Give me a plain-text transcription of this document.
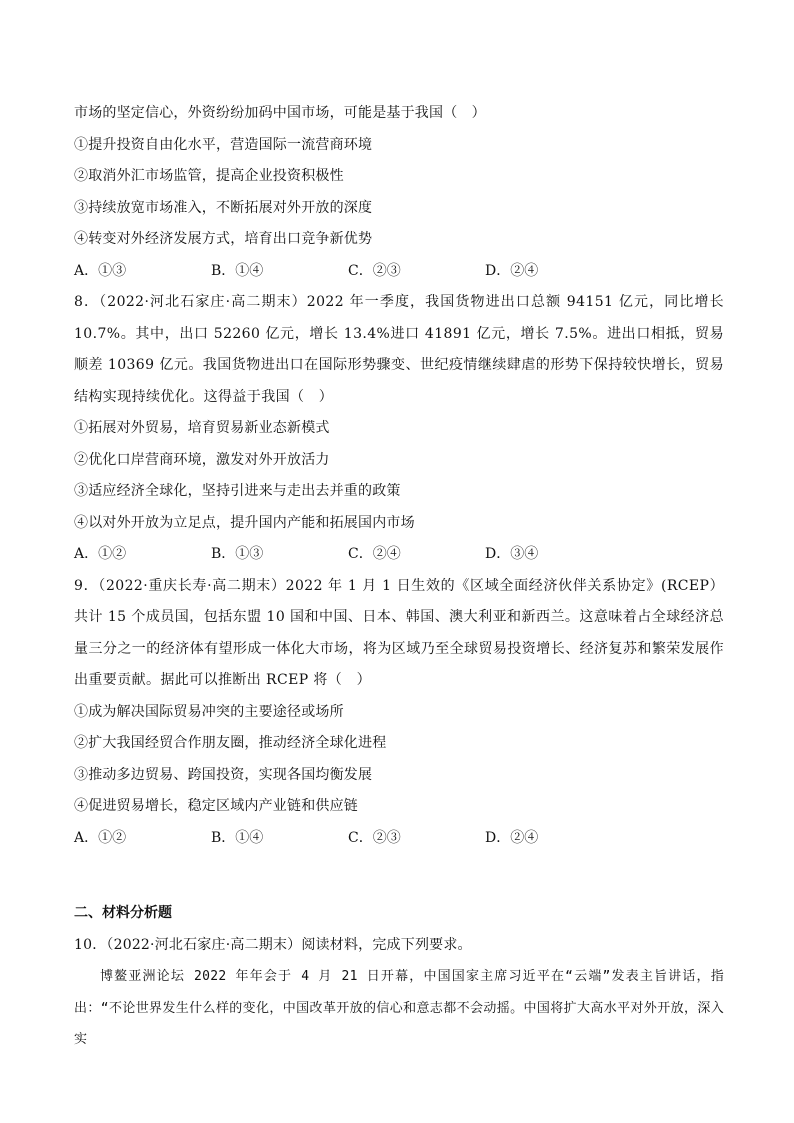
市场的坚定信心，外资纷纷加码中国市场，可能是基于我国（　）
①提升投资自由化水平，营造国际一流营商环境
②取消外汇市场监管，提高企业投资积极性
③持续放宽市场准入，不断拓展对外开放的深度
④转变对外经济发展方式，培育出口竞争新优势
A．①③	B．①④	C．②③	D．②④
8．（2022·河北石家庄·高二期末）2022 年一季度，我国货物进出口总额 94151 亿元，同比增长 10.7%。其中，出口 52260 亿元，增长 13.4%进口 41891 亿元，增长 7.5%。进出口相抵，贸易顺差 10369 亿元。我国货物进出口在国际形势骤变、世纪疫情继续肆虐的形势下保持较快增长，贸易结构实现持续优化。这得益于我国（　）
①拓展对外贸易，培育贸易新业态新模式
②优化口岸营商环境，激发对外开放活力
③适应经济全球化，坚持引进来与走出去并重的政策
④以对外开放为立足点，提升国内产能和拓展国内市场
A．①②	B．①③	C．②④	D．③④
9．（2022·重庆长寿·高二期末）2022 年 1 月 1 日生效的《区域全面经济伙伴关系协定》(RCEP）共计 15 个成员国，包括东盟 10 国和中国、日本、韩国、澳大利亚和新西兰。这意味着占全球经济总量三分之一的经济体有望形成一体化大市场，将为区域乃至全球贸易投资增长、经济复苏和繁荣发展作出重要贡献。据此可以推断出 RCEP 将（　）
①成为解决国际贸易冲突的主要途径或场所
②扩大我国经贸合作朋友圈，推动经济全球化进程
③推动多边贸易、跨国投资，实现各国均衡发展
④促进贸易增长，稳定区域内产业链和供应链
A．①②	B．①④	C．②③	D．②④
二、材料分析题
10．（2022·河北石家庄·高二期末）阅读材料，完成下列要求。
博鳌亚洲论坛 2022 年年会于 4 月 21 日开幕，中国国家主席习近平在“云端”发表主旨讲话，指出：“不论世界发生什么样的变化，中国改革开放的信心和意志都不会动摇。中国将扩大高水平对外开放，深入实
